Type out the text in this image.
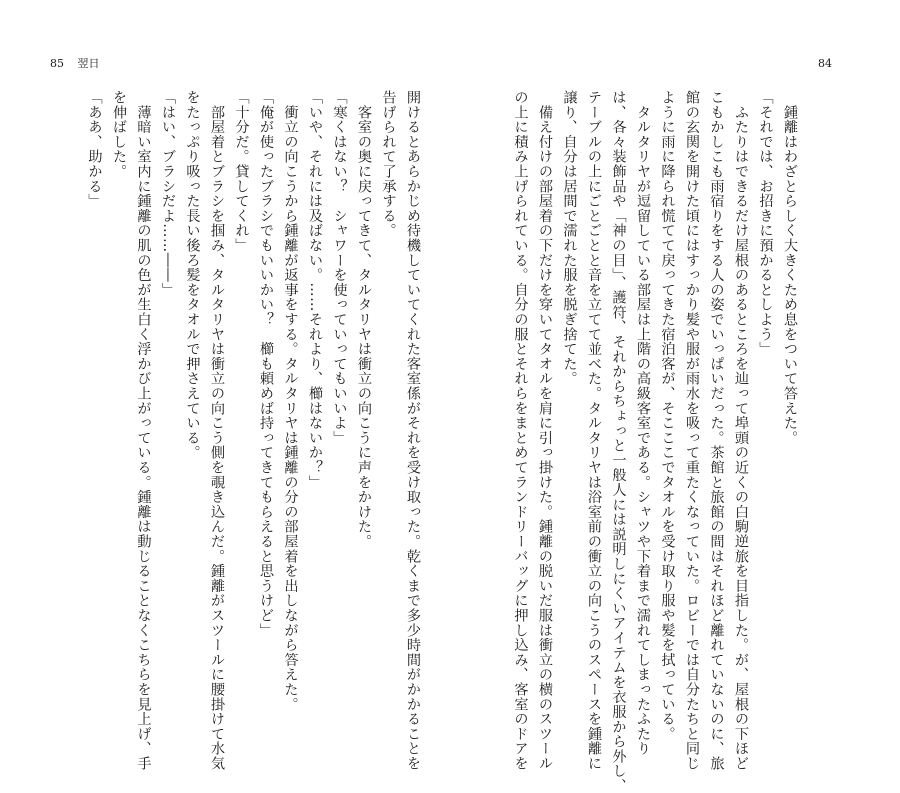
85 翌日	84
　鍾離はわざとらしく大きくため息をついて答えた。
「それでは、お招きに預かるとしよう」
　ふたりはできるだけ屋根のあるところを辿って埠頭の近くの白駒逆旅を目指した。が、屋根の下ほど
こもかしこも雨宿りをする人の姿でいっぱいだった。茶館と旅館の間はそれほど離れていないのに、旅
館の玄関を開けた頃にはすっかり髪や服が雨水を吸って重たくなっていた。ロビーでは自分たちと同じ
ように雨に降られ慌てて戻ってきた宿泊客が、そこここでタオルを受け取り服や髪を拭っている。
　タルタリヤが逗留している部屋は上階の高級客室である。シャツや下着まで濡れてしまったふたり
は、各々装飾品や「神の目」、護符、それからちょっと一般人には説明しにくいアイテムを衣服から外し、
テーブルの上にごとごとと音を立てて並べた。タルタリヤは浴室前の衝立の向こうのスペースを鍾離に
譲り、自分は居間で濡れた服を脱ぎ捨てた。
　備え付けの部屋着の下だけを穿いてタオルを肩に引っ掛けた。鍾離の脱いだ服は衝立の横のスツール
の上に積み上げられている。自分の服とそれらをまとめてランドリーバッグに押し込み、客室のドアを
開けるとあらかじめ待機していてくれた客室係がそれを受け取った。乾くまで多少時間がかかることを
告げられて了承する。
　客室の奥に戻ってきて、タルタリヤは衝立の向こうに声をかけた。
「寒くはない？　シャワーを使っていってもいいよ」
「いや、それには及ばない。……それより、櫛はないか？」
　衝立の向こうから鍾離が返事をする。タルタリヤは鍾離の分の部屋着を出しながら答えた。
「俺が使ったブラシでもいいかい？　櫛も頼めば持ってきてもらえると思うけど」
「十分だ。貸してくれ」
　部屋着とブラシを掴み、タルタリヤは衝立の向こう側を覗き込んだ。鍾離がスツールに腰掛けて水気
をたっぷり吸った長い後ろ髪をタオルで押さえている。
「はい、ブラシだよ……――」
　薄暗い室内に鍾離の肌の色が生白く浮かび上がっている。鍾離は動じることなくこちらを見上げ、手
を伸ばした。
「ああ、助かる」
